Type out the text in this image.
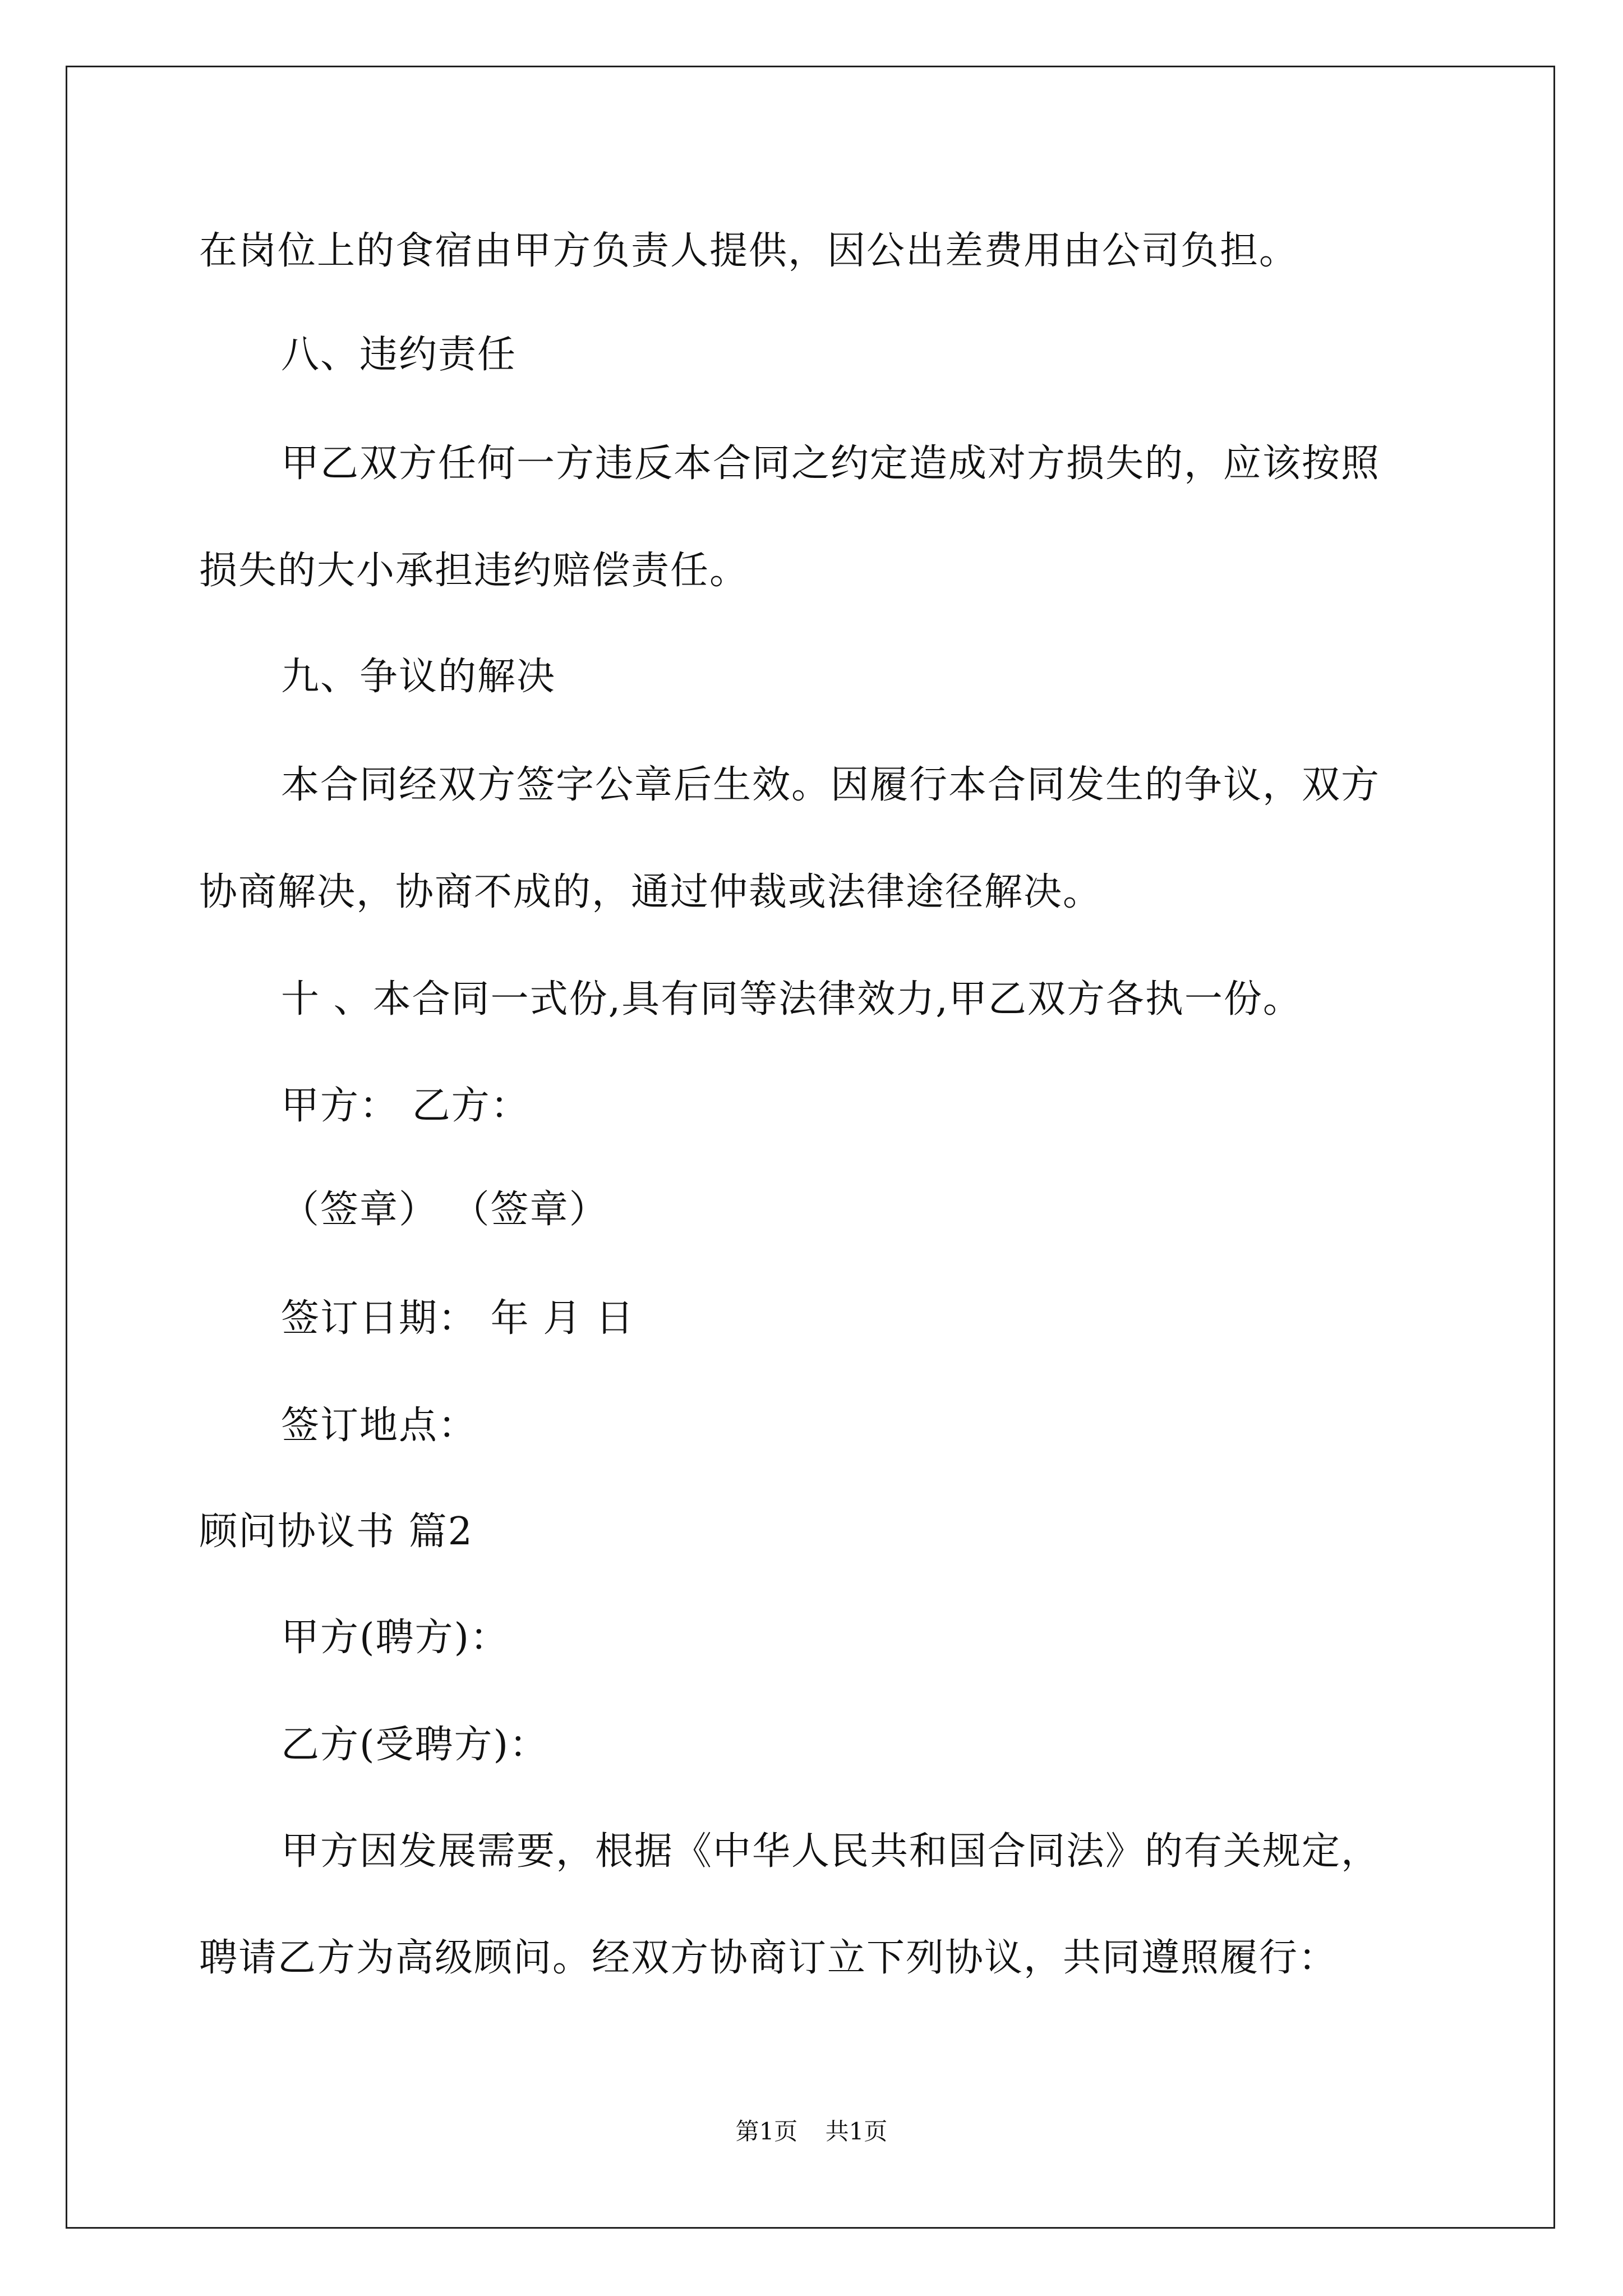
在岗位上的食宿由甲方负责人提供，因公出差费用由公司负担。
八、违约责任
甲乙双方任何一方违反本合同之约定造成对方损失的，应该按照
损失的大小承担违约赔偿责任。
九、争议的解决
本合同经双方签字公章后生效。因履行本合同发生的争议，双方
协商解决，协商不成的，通过仲裁或法律途径解决。
十 、本合同一式份,具有同等法律效力,甲乙双方各执一份。
甲方： 乙方：
（签章） （签章）
签订日期： 年 月 日
签订地点：
顾问协议书 篇2
甲方(聘方)：
乙方(受聘方)：
甲方因发展需要，根据《中华人民共和国合同法》的有关规定，
聘请乙方为高级顾问。经双方协商订立下列协议，共同遵照履行：
第1页 共1页
